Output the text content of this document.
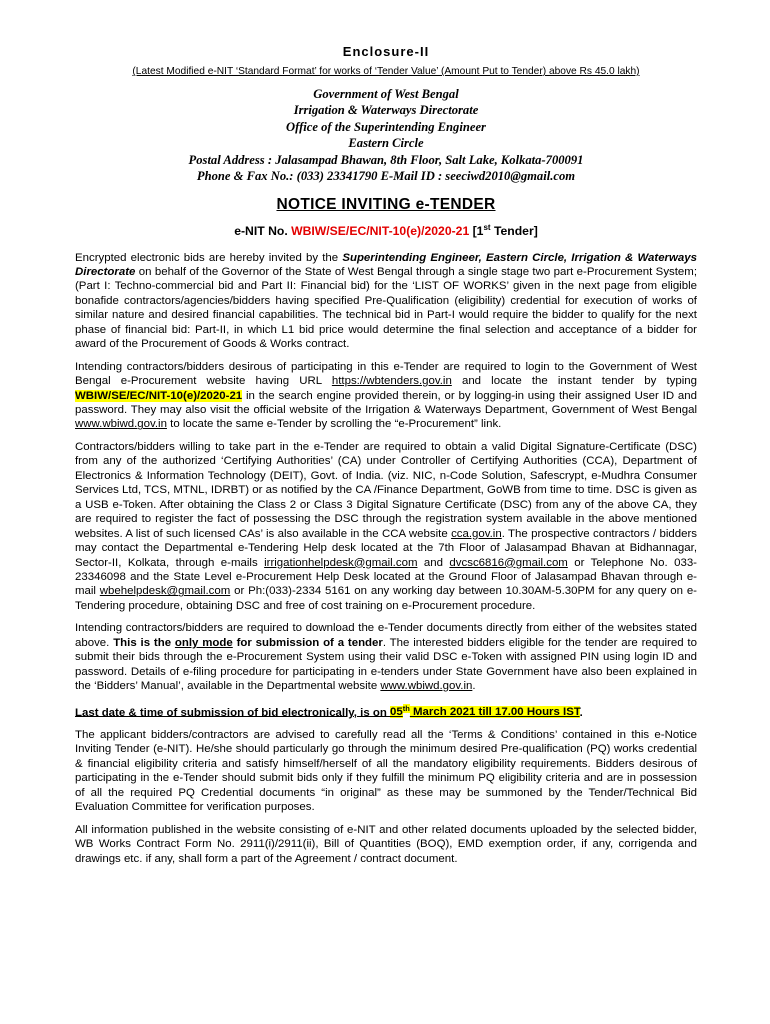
Enclosure-II
(Latest Modified e-NIT ‘Standard Format’ for works of ‘Tender Value’ (Amount Put to Tender) above Rs 45.0 lakh)
Government of West Bengal
Irrigation & Waterways Directorate
Office of the Superintending Engineer
Eastern Circle
Postal Address : Jalasampad Bhawan, 8th Floor, Salt Lake, Kolkata-700091
Phone & Fax No.: (033) 23341790 E-Mail ID : seeciwd2010@gmail.com
NOTICE INVITING e-TENDER
e-NIT No. WBIW/SE/EC/NIT-10(e)/2020-21 [1st Tender]

Encrypted electronic bids are hereby invited by the Superintending Engineer, Eastern Circle, Irrigation & Waterways Directorate on behalf of the Governor of the State of West Bengal through a single stage two part e-Procurement System; (Part I: Techno-commercial bid and Part II: Financial bid) for the ‘LIST OF WORKS’ given in the next page from eligible bonafide contractors/agencies/bidders having specified Pre-Qualification (eligibility) credential for execution of works of similar nature and desired financial capabilities. The technical bid in Part-I would require the bidder to qualify for the next phase of financial bid: Part-II, in which L1 bid price would determine the final selection and acceptance of a bidder for award of the Procurement of Goods & Works contract.

Intending contractors/bidders desirous of participating in this e-Tender are required to login to the Government of West Bengal e-Procurement website having URL https://wbtenders.gov.in and locate the instant tender by typing WBIW/SE/EC/NIT-10(e)/2020-21 in the search engine provided therein, or by logging-in using their assigned User ID and password. They may also visit the official website of the Irrigation & Waterways Department, Government of West Bengal www.wbiwd.gov.in to locate the same e-Tender by scrolling the “e-Procurement” link.

Contractors/bidders willing to take part in the e-Tender are required to obtain a valid Digital Signature-Certificate (DSC) from any of the authorized ‘Certifying Authorities’ (CA) under Controller of Certifying Authorities (CCA), Department of Electronics & Information Technology (DEIT), Govt. of India. (viz. NIC, n-Code Solution, Safescrypt, e-Mudhra Consumer Services Ltd, TCS, MTNL, IDRBT) or as notified by the CA /Finance Department, GoWB from time to time. DSC is given as a USB e-Token. After obtaining the Class 2 or Class 3 Digital Signature Certificate (DSC) from any of the above CA, they are required to register the fact of possessing the DSC through the registration system available in the above mentioned websites. A list of such licensed CAs’ is also available in the CCA website cca.gov.in. The prospective contractors / bidders may contact the Departmental e-Tendering Help desk located at the 7th Floor of Jalasampad Bhavan at Bidhannagar, Sector-II, Kolkata, through e-mails irrigationhelpdesk@gmail.com and dvcsc6816@gmail.com or Telephone No. 033-23346098 and the State Level e-Procurement Help Desk located at the Ground Floor of Jalasampad Bhavan through e-mail wbehelpdesk@gmail.com or Ph:(033)-2334 5161 on any working day between 10.30AM-5.30PM for any query on e-Tendering procedure, obtaining DSC and free of cost training on e-Procurement procedure.

Intending contractors/bidders are required to download the e-Tender documents directly from either of the websites stated above. This is the only mode for submission of a tender. The interested bidders eligible for the tender are required to submit their bids through the e-Procurement System using their valid DSC e-Token with assigned PIN using login ID and password. Details of e-filing procedure for participating in e-tenders under State Government have also been explained in the ‘Bidders’ Manual’, available in the Departmental website www.wbiwd.gov.in.

Last date & time of submission of bid electronically, is on 05th March 2021 till 17.00 Hours IST.

The applicant bidders/contractors are advised to carefully read all the ‘Terms & Conditions’ contained in this e-Notice Inviting Tender (e-NIT). He/she should particularly go through the minimum desired Pre-qualification (PQ) works credential & financial eligibility criteria and satisfy himself/herself of all the mandatory eligibility requirements. Bidders desirous of participating in the e-Tender should submit bids only if they fulfill the minimum PQ eligibility criteria and are in possession of all the required PQ Credential documents “in original” as these may be summoned by the Tender/Technical Bid Evaluation Committee for verification purposes.

All information published in the website consisting of e-NIT and other related documents uploaded by the selected bidder, WB Works Contract Form No. 2911(i)/2911(ii), Bill of Quantities (BOQ), EMD exemption order, if any, corrigenda and drawings etc. if any, shall form a part of the Agreement / contract document.
